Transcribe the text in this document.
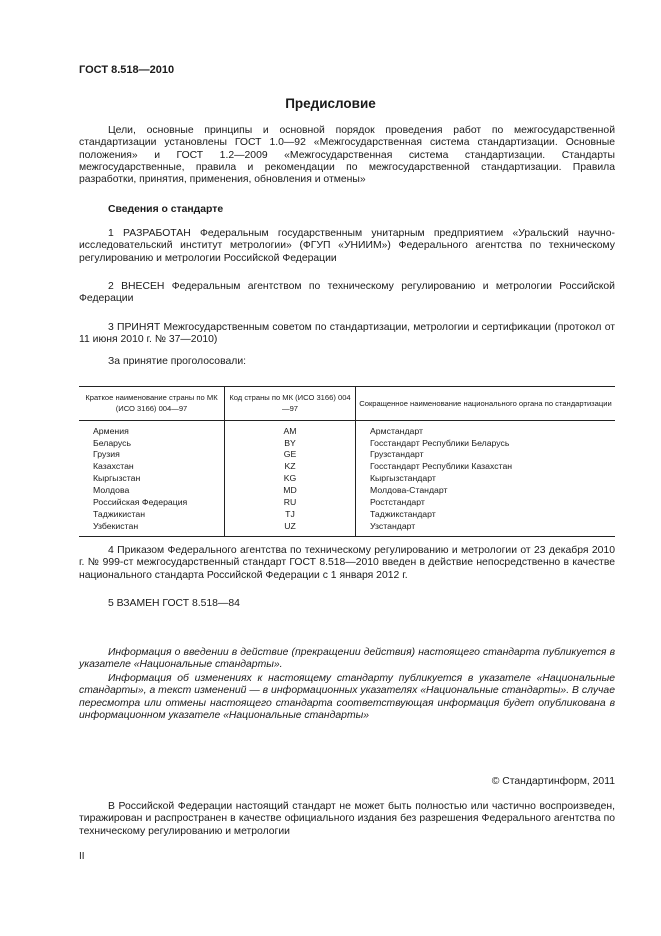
ГОСТ 8.518—2010
Предисловие

Цели, основные принципы и основной порядок проведения работ по межгосударственной стандартизации установлены ГОСТ 1.0—92 «Межгосударственная система стандартизации. Основные положения» и ГОСТ 1.2—2009 «Межгосударственная система стандартизации. Стандарты межгосударственные, правила и рекомендации по межгосударственной стандартизации. Правила разработки, принятия, применения, обновления и отмены»

Сведения о стандарте

1 РАЗРАБОТАН Федеральным государственным унитарным предприятием «Уральский научно-исследовательский институт метрологии» (ФГУП «УНИИМ») Федерального агентства по техническому регулированию и метрологии Российской Федерации

2 ВНЕСЕН Федеральным агентством по техническому регулированию и метрологии Российской Федерации

3 ПРИНЯТ Межгосударственным советом по стандартизации, метрологии и сертификации (протокол от 11 июня 2010 г. № 37—2010)

За принятие проголосовали:

Краткое наименование страны по МК (ИСО 3166) 004—97	Код страны по МК (ИСО 3166) 004—97	Сокращенное наименование национального органа по стандартизации
Армения	AM	Армстандарт
Беларусь	BY	Госстандарт Республики Беларусь
Грузия	GE	Грузстандарт
Казахстан	KZ	Госстандарт Республики Казахстан
Кыргызстан	KG	Кыргызстандарт
Молдова	MD	Молдова-Стандарт
Российская Федерация	RU	Ростстандарт
Таджикистан	TJ	Таджикстандарт
Узбекистан	UZ	Узстандарт

4 Приказом Федерального агентства по техническому регулированию и метрологии от 23 декабря 2010 г. № 999-ст межгосударственный стандарт ГОСТ 8.518—2010 введен в действие непосредственно в качестве национального стандарта Российской Федерации с 1 января 2012 г.

5 ВЗАМЕН ГОСТ 8.518—84

Информация о введении в действие (прекращении действия) настоящего стандарта публикуется в указателе «Национальные стандарты».

Информация об изменениях к настоящему стандарту публикуется в указателе «Национальные стандарты», а текст изменений — в информационных указателях «Национальные стандарты». В случае пересмотра или отмены настоящего стандарта соответствующая информация будет опубликована в информационном указателе «Национальные стандарты»

© Стандартинформ, 2011

В Российской Федерации настоящий стандарт не может быть полностью или частично воспроизведен, тиражирован и распространен в качестве официального издания без разрешения Федерального агентства по техническому регулированию и метрологии

II
